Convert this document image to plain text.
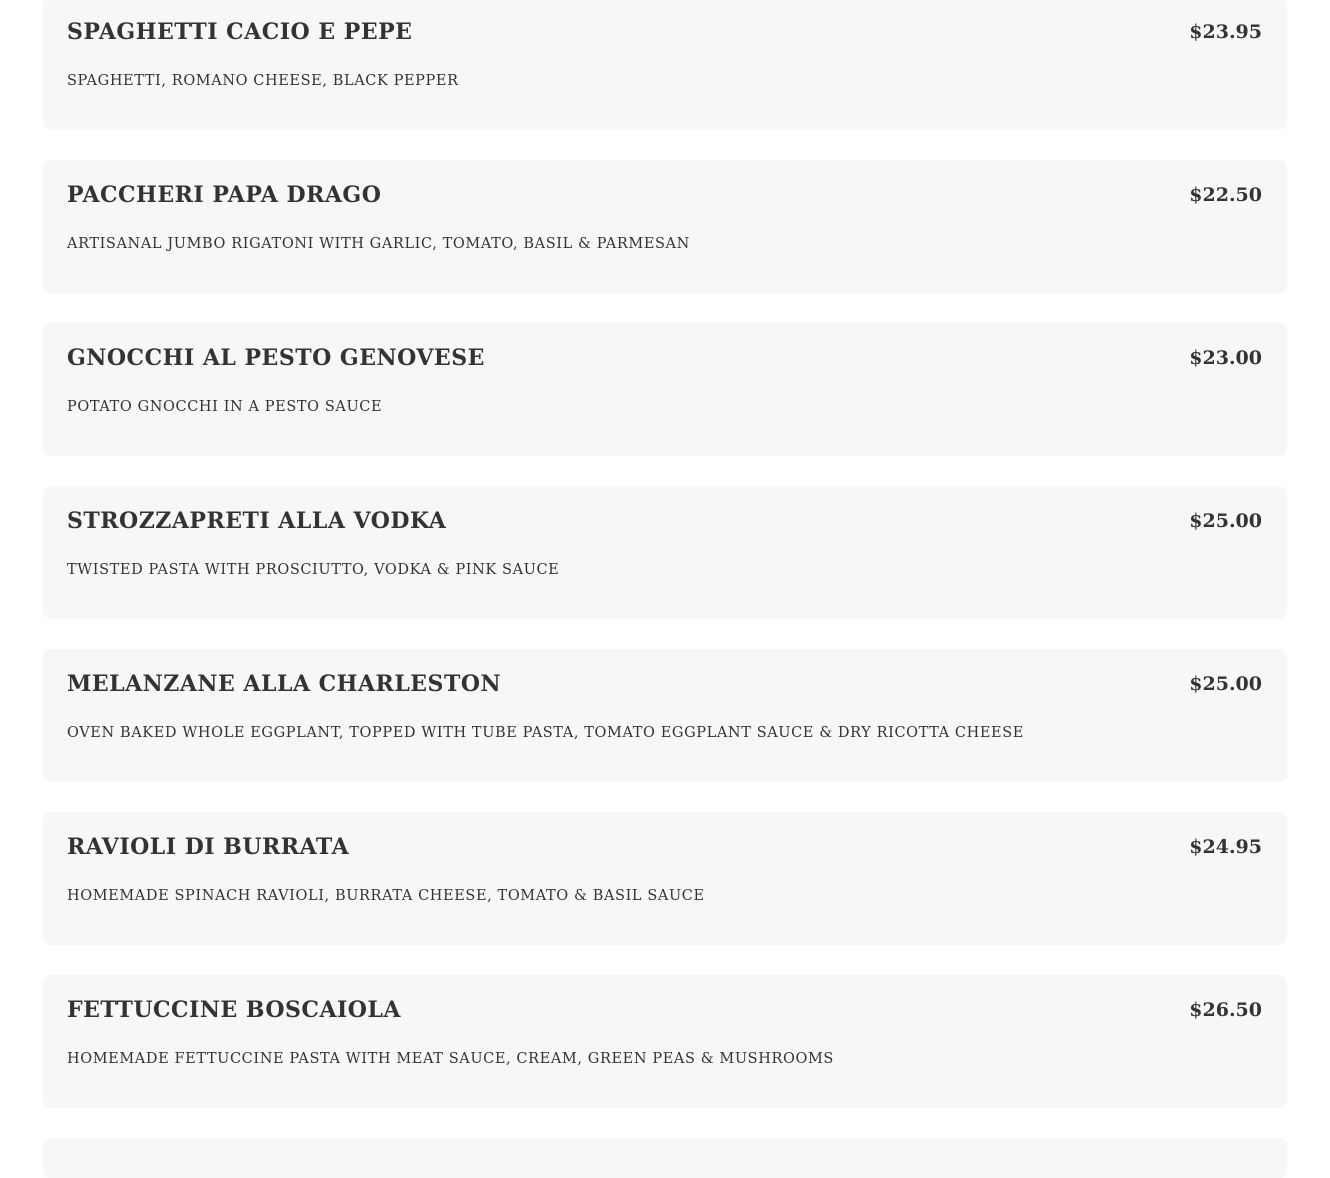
SPAGHETTI CACIO E PEPE	$23.95
SPAGHETTI, ROMANO CHEESE, BLACK PEPPER
PACCHERI PAPA DRAGO	$22.50
ARTISANAL JUMBO RIGATONI WITH GARLIC, TOMATO, BASIL & PARMESAN
GNOCCHI AL PESTO GENOVESE	$23.00
POTATO GNOCCHI IN A PESTO SAUCE
STROZZAPRETI ALLA VODKA	$25.00
TWISTED PASTA WITH PROSCIUTTO, VODKA & PINK SAUCE
MELANZANE ALLA CHARLESTON	$25.00
OVEN BAKED WHOLE EGGPLANT, TOPPED WITH TUBE PASTA, TOMATO EGGPLANT SAUCE & DRY RICOTTA CHEESE
RAVIOLI DI BURRATA	$24.95
HOMEMADE SPINACH RAVIOLI, BURRATA CHEESE, TOMATO & BASIL SAUCE
FETTUCCINE BOSCAIOLA	$26.50
HOMEMADE FETTUCCINE PASTA WITH MEAT SAUCE, CREAM, GREEN PEAS & MUSHROOMS
